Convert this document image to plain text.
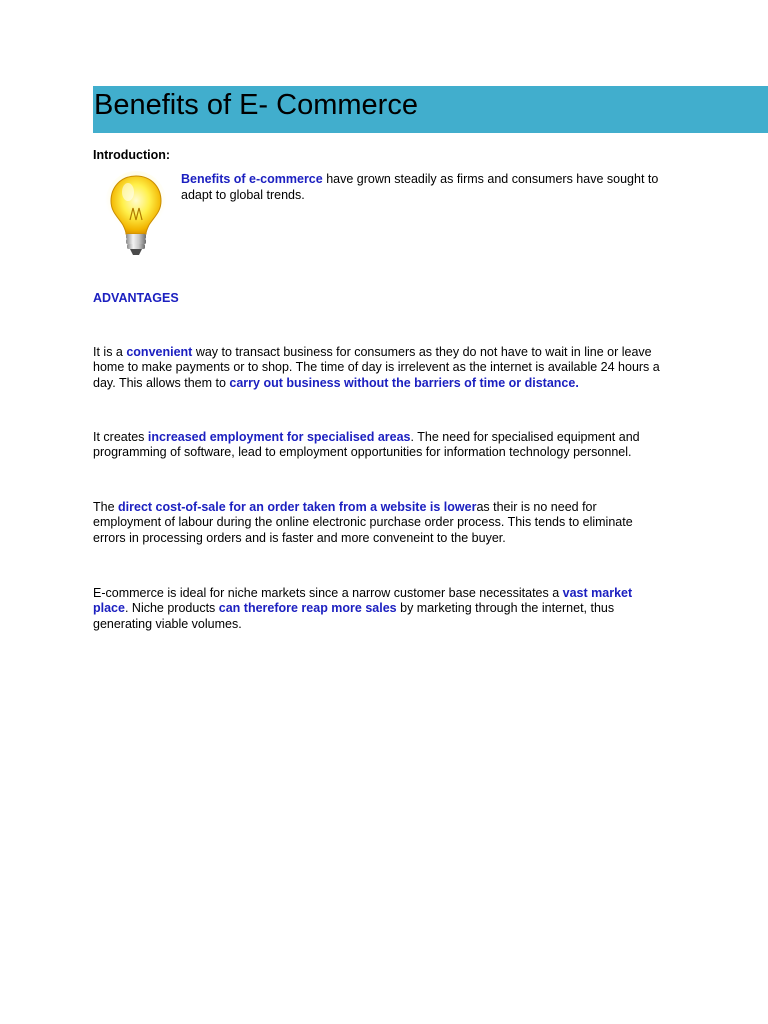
Benefits of E- Commerce
Introduction:
Benefits of e-commerce have grown steadily as firms and consumers have sought to adapt to global trends.
ADVANTAGES
It is a convenient way to transact business for consumers as they do not have to wait in line or leave home to make payments or to shop. The time of day is irrelevent as the internet is available 24 hours a day. This allows them to carry out business without the barriers of time or distance.
It creates increased employment for specialised areas. The need for specialised equipment and programming of software, lead to employment opportunities for information technology personnel.
The direct cost-of-sale for an order taken from a website is loweras their is no need for employment of labour during the online electronic purchase order process. This tends to eliminate errors in processing orders and is faster and more conveneint to the buyer.
E-commerce is ideal for niche markets since a narrow customer base necessitates a vast market place. Niche products can therefore reap more sales by marketing through the internet, thus generating viable volumes.
